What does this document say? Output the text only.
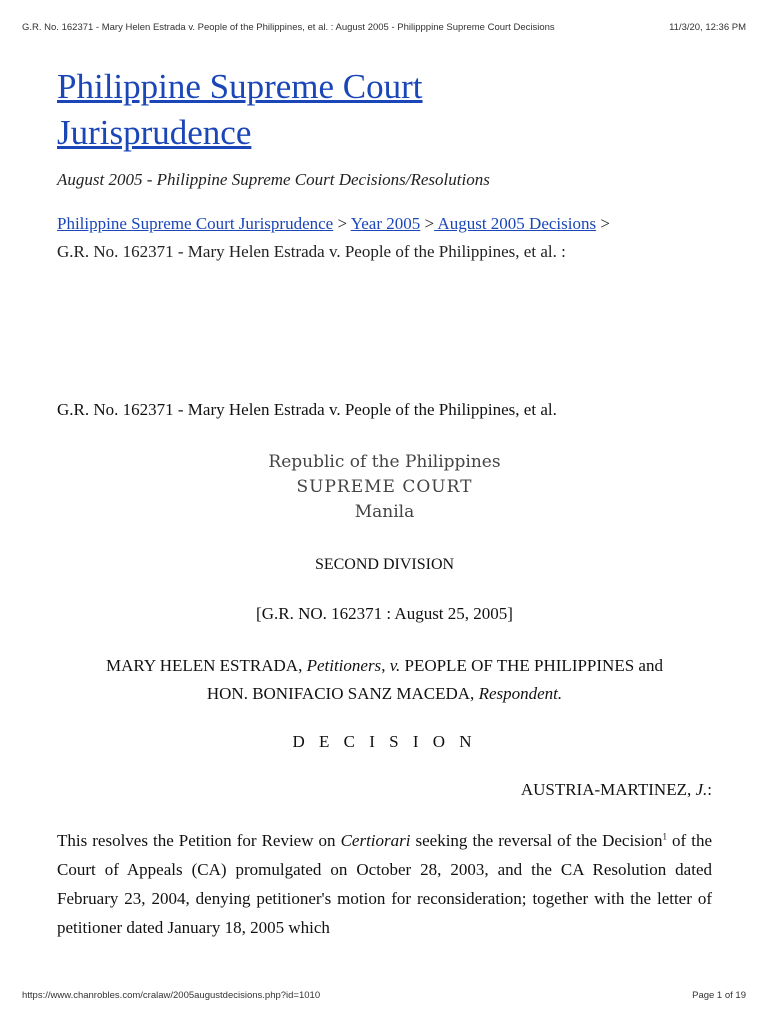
G.R. No. 162371 - Mary Helen Estrada v. People of the Philippines, et al. : August 2005 - Philipppine Supreme Court Decisions	11/3/20, 12:36 PM
Philippine Supreme Court
Jurisprudence
August 2005 - Philippine Supreme Court Decisions/Resolutions
Philippine Supreme Court Jurisprudence > Year 2005 > August 2005 Decisions >
G.R. No. 162371 - Mary Helen Estrada v. People of the Philippines, et al. :
G.R. No. 162371 - Mary Helen Estrada v. People of the Philippines, et al.
Republic of the Philippines
SUPREME COURT
Manila
SECOND DIVISION
[G.R. NO. 162371 : August 25, 2005]
MARY HELEN ESTRADA, Petitioners, v. PEOPLE OF THE PHILIPPINES and
HON. BONIFACIO SANZ MACEDA, Respondent.
D E C I S I O N
AUSTRIA-MARTINEZ, J.:

This resolves the Petition for Review on Certiorari seeking the reversal of the Decision$^1$ of the Court of Appeals (CA) promulgated on October 28, 2003, and the CA Resolution dated February 23, 2004, denying petitioner's motion for reconsideration; together with the letter of petitioner dated January 18, 2005 which

https://www.chanrobles.com/cralaw/2005augustdecisions.php?id=1010	Page 1 of 19
